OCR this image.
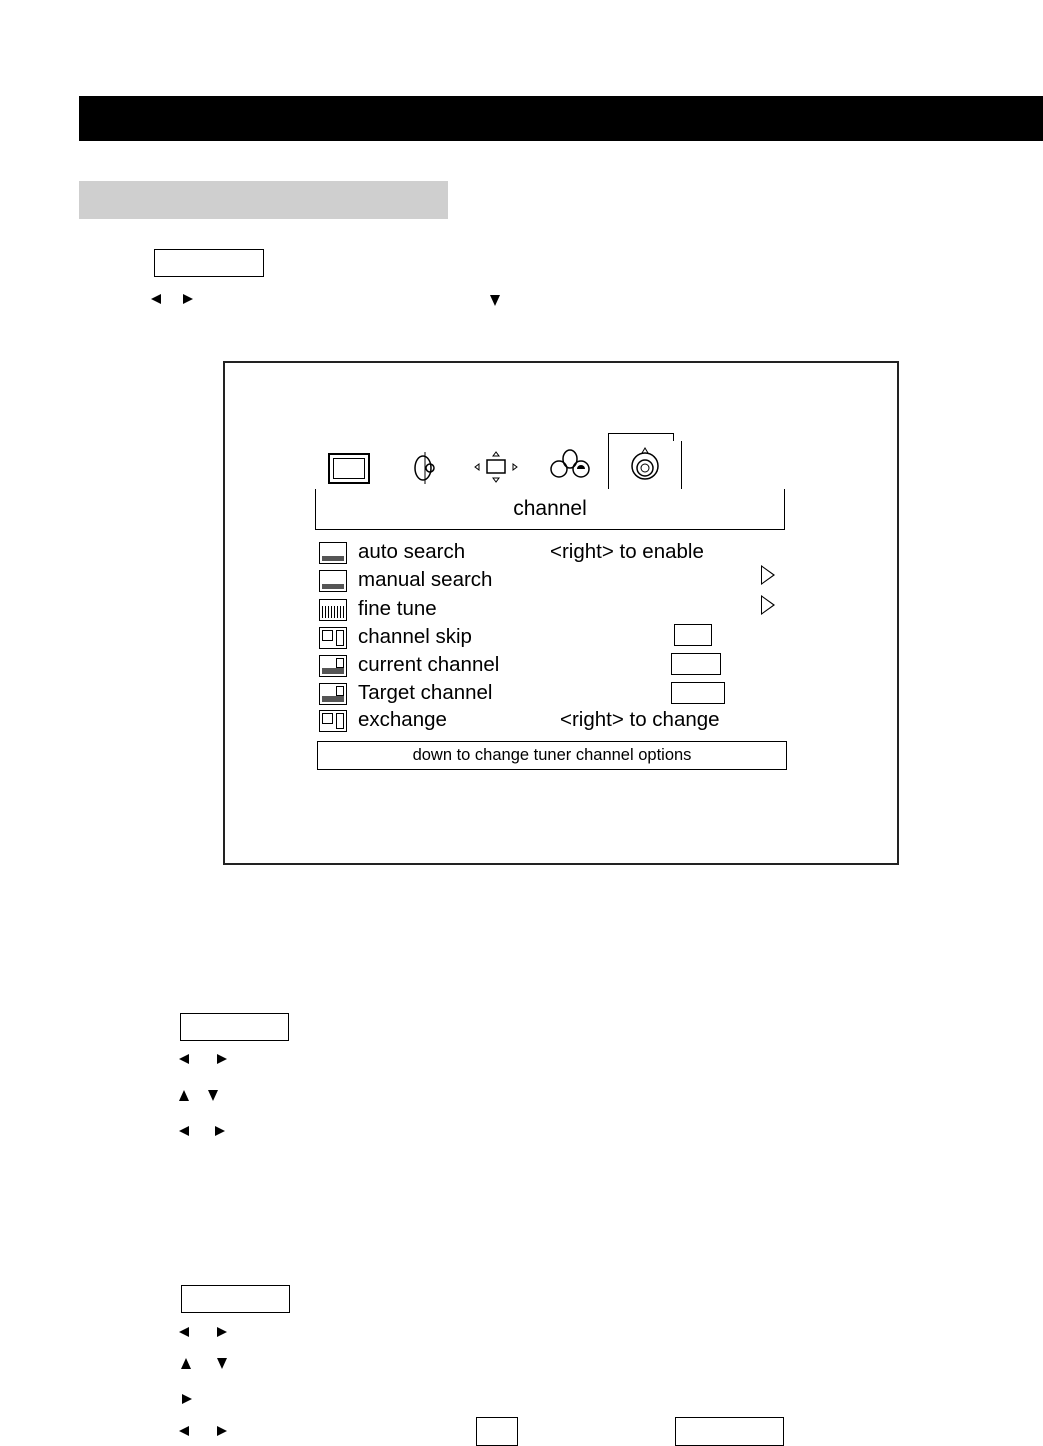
channel
auto search	<right> to enable
manual search
fine tune
channel skip
current channel
Target channel
exchange	<right> to change
down to change tuner channel options
